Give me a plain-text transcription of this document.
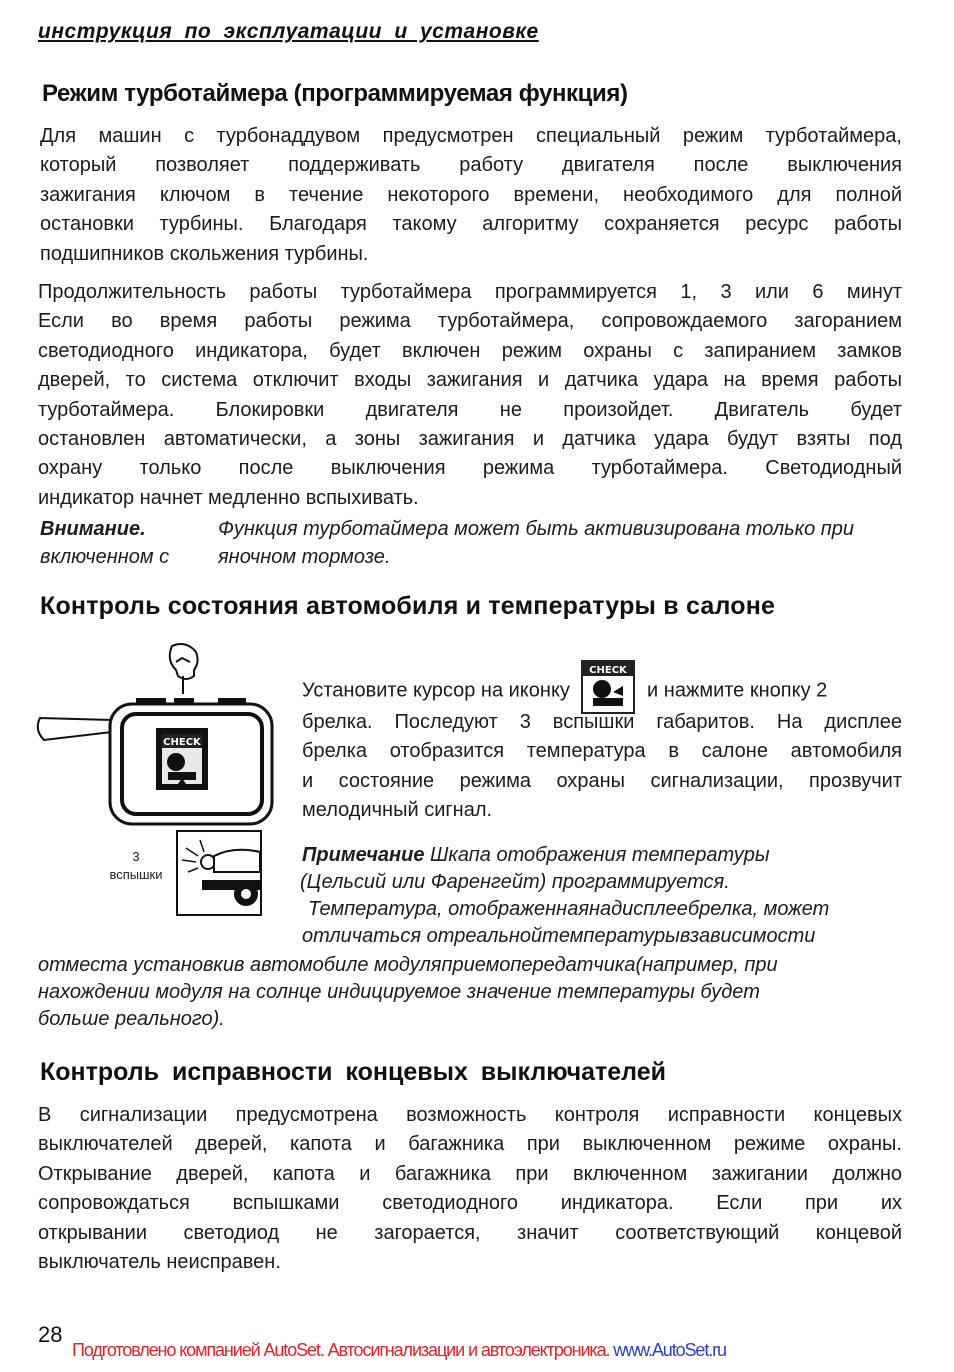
инструкция по эксплуатации и установке
Режим турботаймера (программируемая функция)
Для машин с турбонаддувом предусмотрен специальный режим турботаймера,
который позволяет поддерживать работу двигателя после выключения
зажигания ключом в течение некоторого времени, необходимого для полной
остановки турбины. Благодаря такому алгоритму сохраняется ресурс работы
подшипников скольжения турбины.
Продолжительность работы турботаймера программируется 1, 3 или 6 минут
Если во время работы режима турботаймера, сопровождаемого загоранием
светодиодного индикатора, будет включен режим охраны с запиранием замков
дверей, то система отключит входы зажигания и датчика удара на время работы
турботаймера. Блокировки двигателя не произойдет. Двигатель будет
остановлен автоматически, а зоны зажигания и датчика удара будут взяты под
охрану только после выключения режима турботаймера. Светодиодный
индикатор начнет медленно вспыхивать.
Внимание.	Функция турботаймера может быть активизирована только при
включенном с яночном тормозе.
Контроль состояния автомобиля и температуры в салоне
CHECK
Установите курсор на иконку
CHECK
и нажмите кнопку 2
брелка. Последуют 3 вспышки габаритов. На дисплее
брелка отобразится температура в салоне автомобиля
и состояние режима охраны сигнализации, прозвучит
мелодичный сигнал.
3
вспышки
Примечание Шкапа отображения температуры
(Цельсий или Фаренгейт) программируется.
Температура, отображеннаянадисплеебрелка, может
отличаться отреальнойтемпературывзависимости
отместа установкив автомобиле модуляприемопередатчика(например, при
нахождении модуля на солнце индицируемое значение температуры будет
больше реального).
Контроль исправности концевых выключателей
В сигнализации предусмотрена возможность контроля исправности концевых
выключателей дверей, капота и багажника при выключенном режиме охраны.
Открывание дверей, капота и багажника при включенном зажигании должно
сопровождаться вспышками светодиодного индикатора. Если при их
открывании светодиод не загорается, значит соответствующий концевой
выключатель неисправен.
28
Подготовлено компанией AutoSet. Автосигнализации и автоэлектроника. www.AutoSet.ru
